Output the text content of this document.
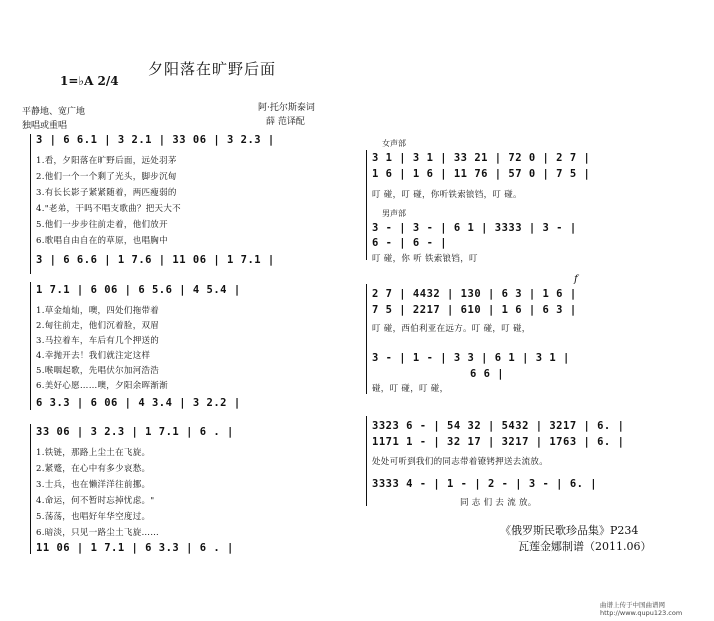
夕阳落在旷野后面
1=♭A 2/4
平静地、宽广地
独唱或重唱
阿·托尔斯泰词
薛 范译配
3 | 6 6.1 | 3 2.1 | 33 06 | 3 2.3 |
1.看，夕阳落在旷野后面，远处羽茅
2.他们一个一个剩了光头，脚步沉甸
3.有长长影子紧紧随着，两匹瘦弱的
4."老弟，干吗不唱支歌曲？把天大不
5.他们一步步往前走着，他们放开
6.歌唱自由自在的草原，也唱胸中
3 | 6 6.6 | 1 7.6 | 11 06 | 1 7.1 |
1 7.1 | 6 06 | 6 5.6 | 4 5.4 |
1.草金灿灿，噢，四处们拖带着
2.甸往前走，他们沉着脸，双眉
3.马拉着车，车后有几个押送的
4.幸抛开去！我们就注定这样
5.喉咽起歌，先唱伏尔加河浩浩
6.美好心愿……噢，夕阳余晖渐渐
6 3.3 | 6 06 | 4 3.4 | 3 2.2 |
33 06 | 3 2.3 | 1 7.1 | 6 . |
1.铁链，那路上尘土在飞旋。
2.紧蹙，在心中有多少哀愁。
3.士兵，也在懒洋洋往前挪。
4.命运，何不暂时忘掉忧虑。"
5.荡荡，也唱好年华空度过。
6.暗淡，只见一路尘土飞旋……
11 06 | 1 7.1 | 6 3.3 | 6 . |
女声部
3 1 | 3 1 | 33 21 | 72 0 | 2 7 |
1 6 | 1 6 | 11 76 | 57 0 | 7 5 |
叮 碰，叮 碰，你听铁索锒铛，叮 碰。
男声部
3 - | 3 - | 6 1 | 3333 | 3 - |
6 - | 6 - |
叮 碰，你 听 铁索锒铛，叮
f
2 7 | 4432 | 130 | 6 3 | 1 6 |
7 5 | 2217 | 610 | 1 6 | 6 3 |
叮 碰，西伯利亚在远方。叮 碰，叮 碰，
3 - | 1 - | 3 3 | 6 1 | 3 1 |
6 6 |
碰，叮 碰，叮 碰，
3323 6 - | 54 32 | 5432 | 3217 | 6. |
1171 1 - | 32 17 | 3217 | 1763 | 6. |
处处可听到我们的同志带着镣铐押送去流放。
3333 4 - | 1 - | 2 - | 3 - | 6. |
同 志 们 去 流 放。
《俄罗斯民歌珍品集》P234
瓦莲金娜制谱（2011.06）
曲谱上传于中国曲谱网
http://www.qupu123.com
